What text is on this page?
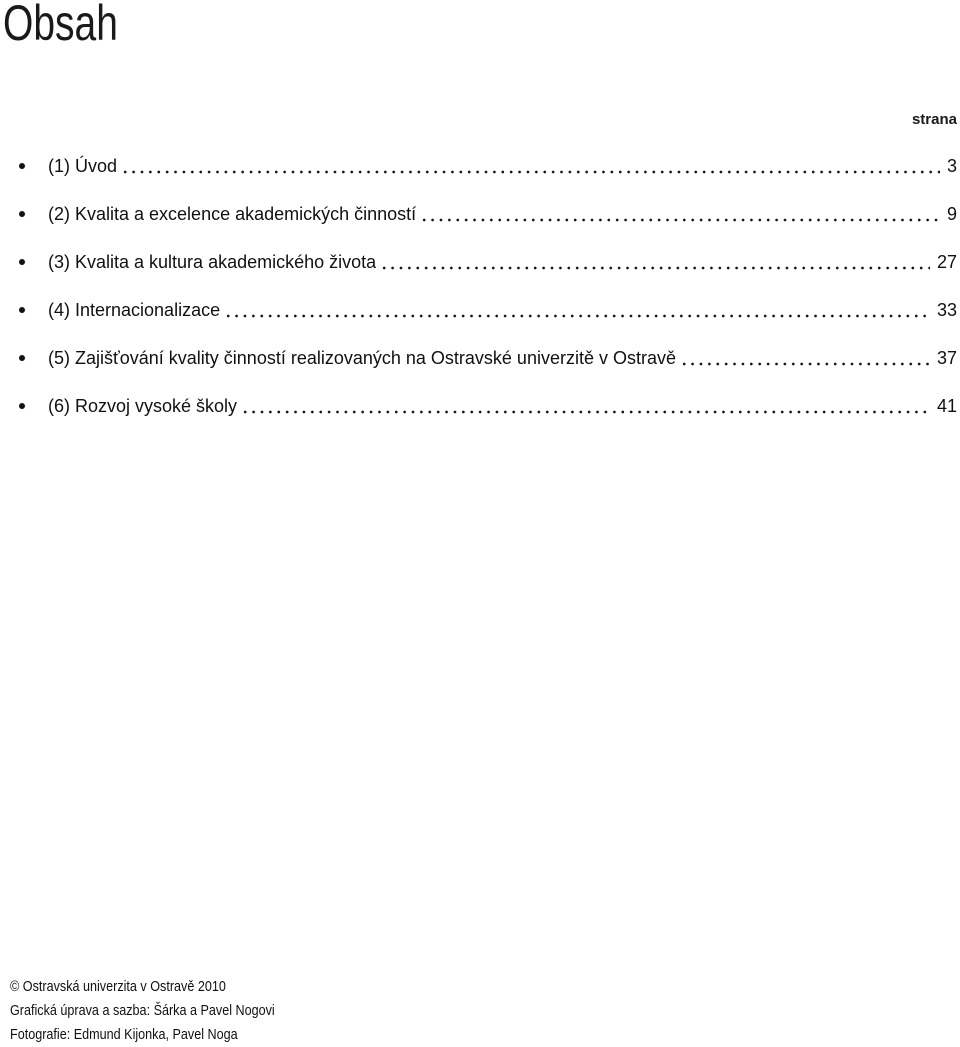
Obsah
strana
(1) Úvod	3
(2) Kvalita a excelence akademických činností	9
(3) Kvalita a kultura akademického života	27
(4) Internacionalizace	33
(5) Zajišťování kvality činností realizovaných na Ostravské univerzitě v Ostravě	37
(6) Rozvoj vysoké školy	41
© Ostravská univerzita v Ostravě 2010
Grafická úprava a sazba: Šárka a Pavel Nogovi
Fotografie: Edmund Kijonka, Pavel Noga
